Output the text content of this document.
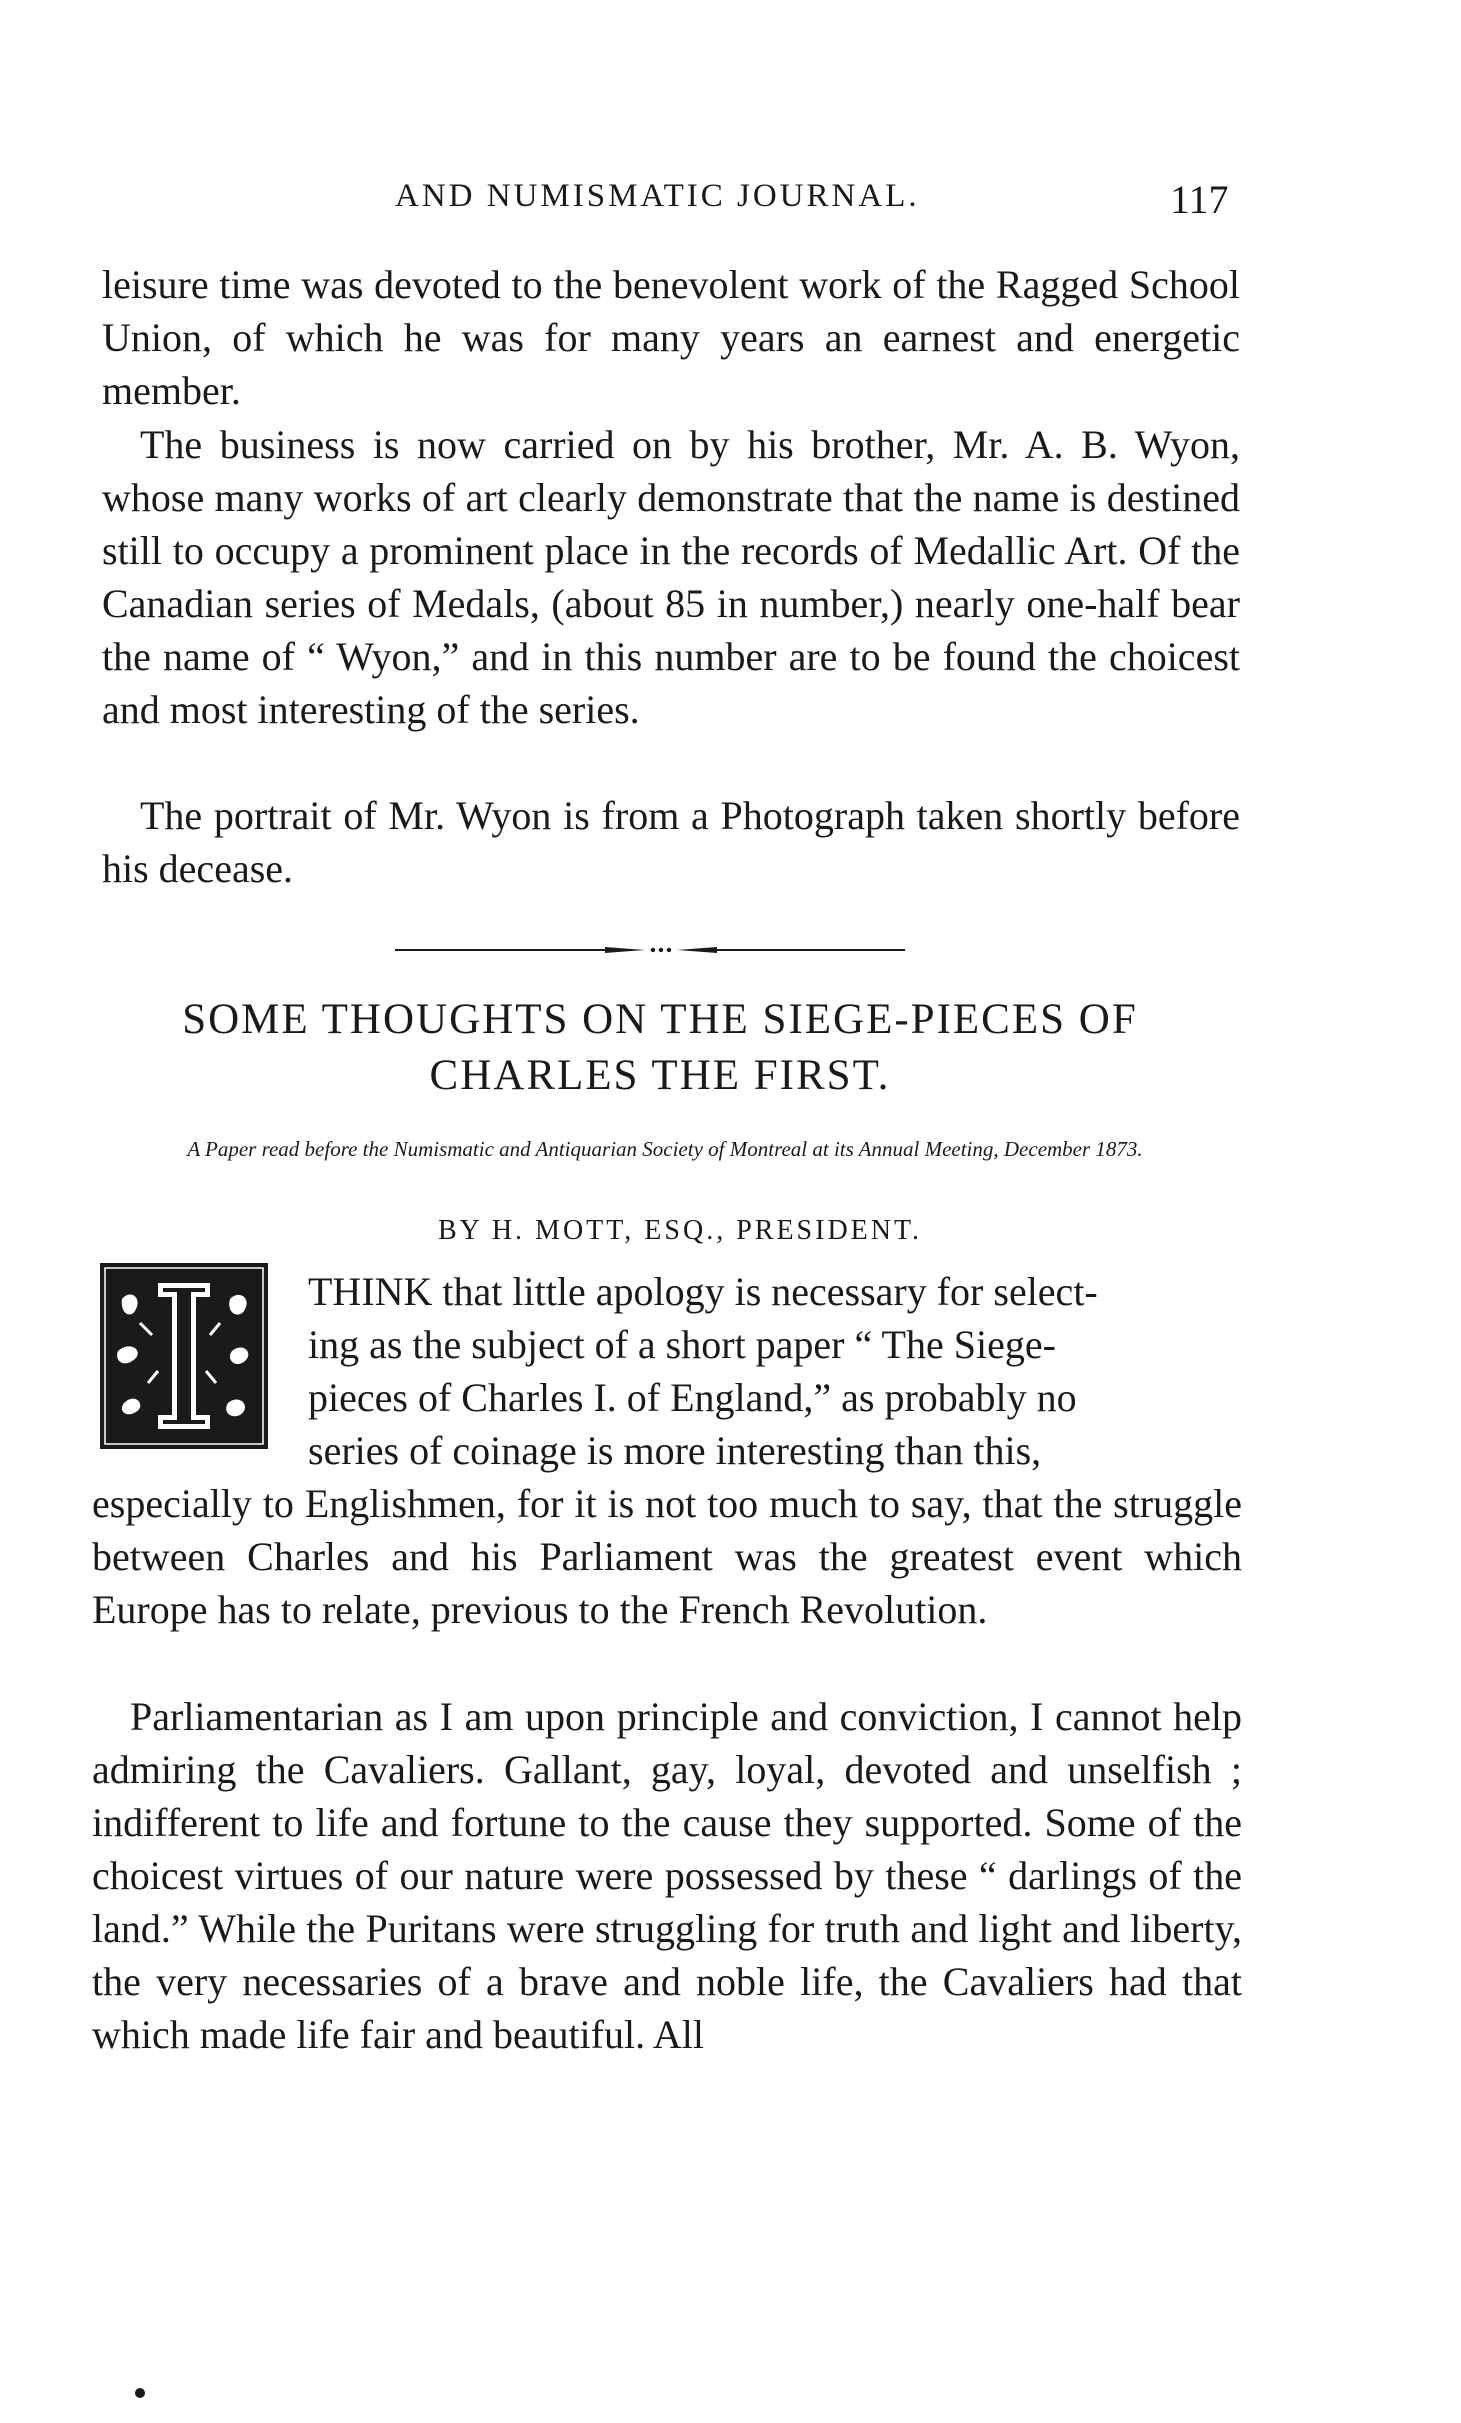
AND NUMISMATIC JOURNAL.	117

leisure time was devoted to the benevolent work of the Ragged School Union, of which he was for many years an earnest and energetic member.

The business is now carried on by his brother, Mr. A. B. Wyon, whose many works of art clearly demonstrate that the name is destined still to occupy a prominent place in the records of Medallic Art. Of the Canadian series of Medals, (about 85 in number,) nearly one-half bear the name of “ Wyon,” and in this number are to be found the choicest and most interesting of the series.

The portrait of Mr. Wyon is from a Photograph taken shortly before his decease.

SOME THOUGHTS ON THE SIEGE-PIECES OF CHARLES THE FIRST.
A Paper read before the Numismatic and Antiquarian Society of Montreal at its Annual Meeting, December 1873.
BY H. MOTT, ESQ., PRESIDENT.

THINK that little apology is necessary for select-

ing as the subject of a short paper “ The Siege-

pieces of Charles I. of England,” as probably no

series of coinage is more interesting than this,

especially to Englishmen, for it is not too much to say, that the struggle between Charles and his Parliament was the greatest event which Europe has to relate, previous to the French Revolution.

Parliamentarian as I am upon principle and conviction, I cannot help admiring the Cavaliers. Gallant, gay, loyal, devoted and unselfish ; indifferent to life and fortune to the cause they supported. Some of the choicest virtues of our nature were possessed by these “ darlings of the land.” While the Puritans were struggling for truth and light and liberty, the very necessaries of a brave and noble life, the Cavaliers had that which made life fair and beautiful. All
